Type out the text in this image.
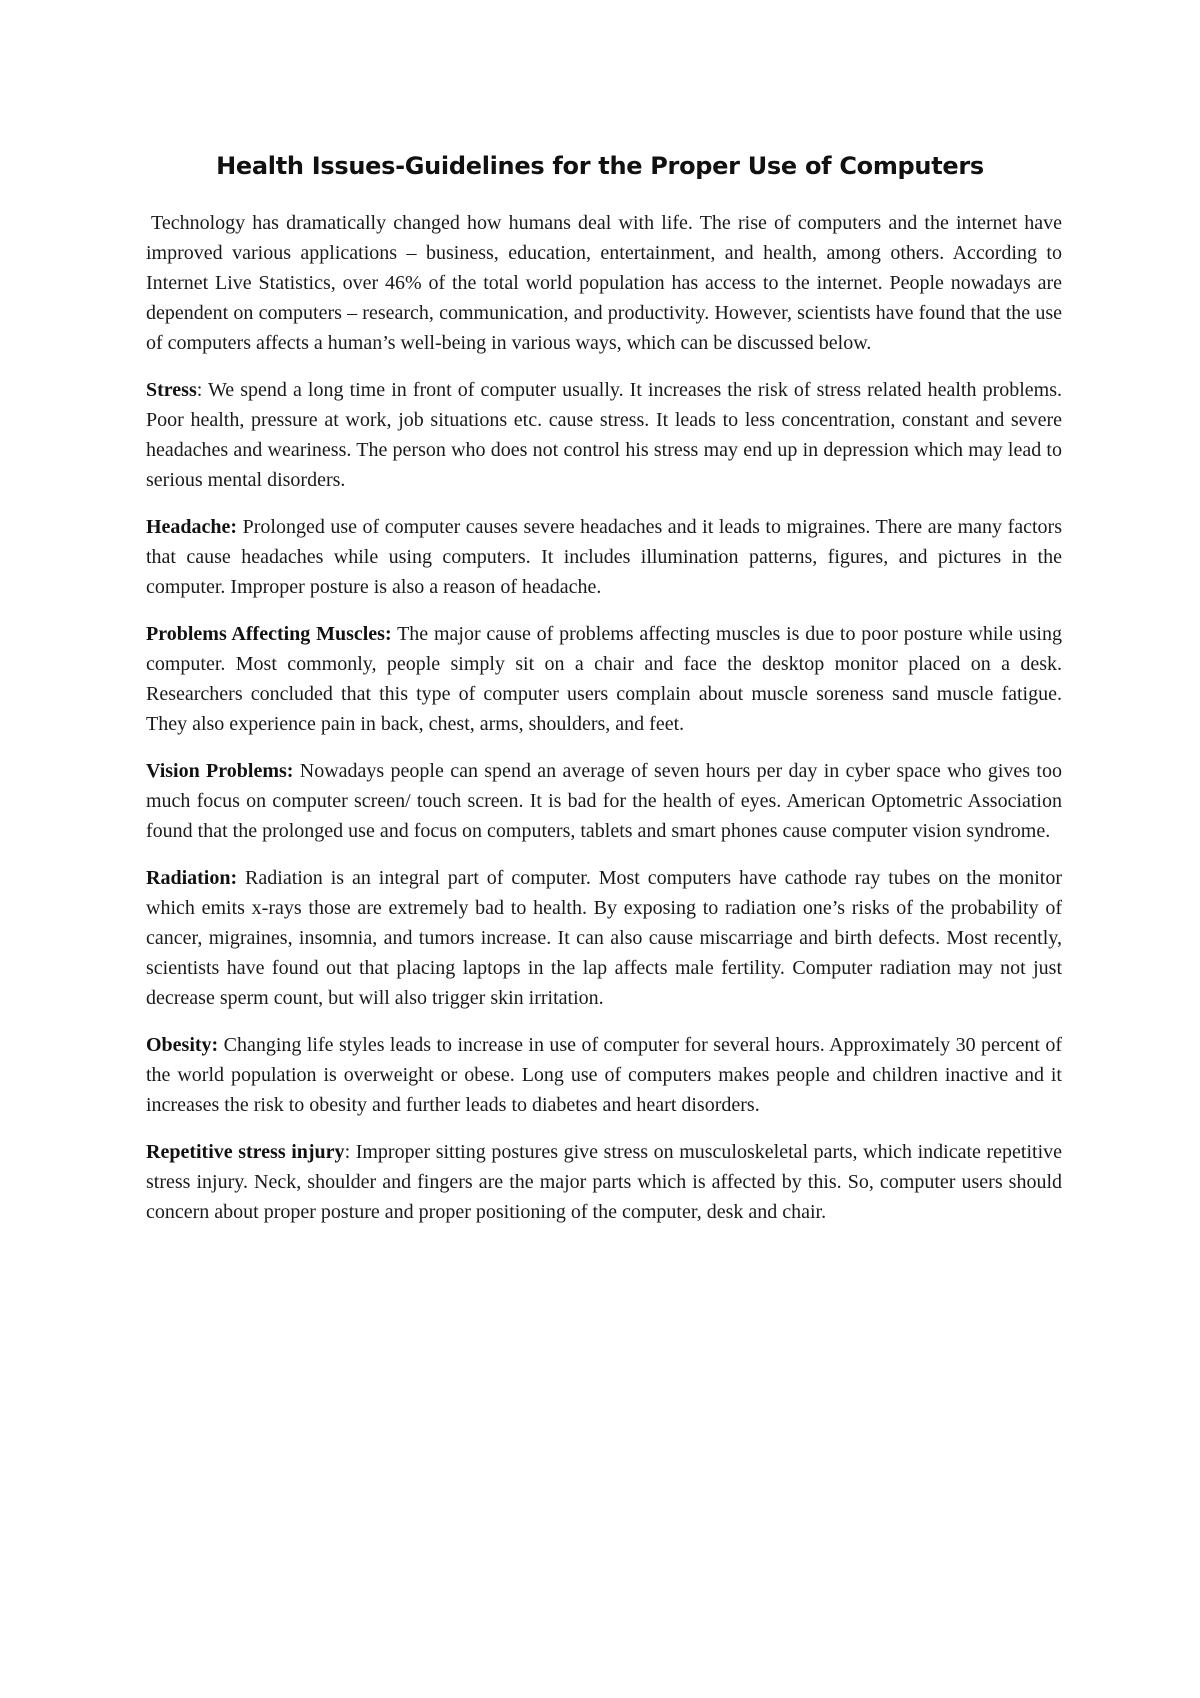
Health Issues-Guidelines for the Proper Use of Computers

Technology has dramatically changed how humans deal with life. The rise of computers and the internet have improved various applications – business, education, entertainment, and health, among others. According to Internet Live Statistics, over 46% of the total world population has access to the internet. People nowadays are dependent on computers – research, communication, and productivity. However, scientists have found that the use of computers affects a human’s well-being in various ways, which can be discussed below.

Stress: We spend a long time in front of computer usually. It increases the risk of stress related health problems. Poor health, pressure at work, job situations etc. cause stress. It leads to less concentration, constant and severe headaches and weariness. The person who does not control his stress may end up in depression which may lead to serious mental disorders.

Headache: Prolonged use of computer causes severe headaches and it leads to migraines. There are many factors that cause headaches while using computers. It includes illumination patterns, figures, and pictures in the computer. Improper posture is also a reason of headache.

Problems Affecting Muscles: The major cause of problems affecting muscles is due to poor posture while using computer. Most commonly, people simply sit on a chair and face the desktop monitor placed on a desk. Researchers concluded that this type of computer users complain about muscle soreness sand muscle fatigue. They also experience pain in back, chest, arms, shoulders, and feet.

Vision Problems: Nowadays people can spend an average of seven hours per day in cyber space who gives too much focus on computer screen/ touch screen. It is bad for the health of eyes. American Optometric Association found that the prolonged use and focus on computers, tablets and smart phones cause computer vision syndrome.

Radiation: Radiation is an integral part of computer. Most computers have cathode ray tubes on the monitor which emits x-rays those are extremely bad to health. By exposing to radiation one’s risks of the probability of cancer, migraines, insomnia, and tumors increase. It can also cause miscarriage and birth defects. Most recently, scientists have found out that placing laptops in the lap affects male fertility. Computer radiation may not just decrease sperm count, but will also trigger skin irritation.

Obesity: Changing life styles leads to increase in use of computer for several hours. Approximately 30 percent of the world population is overweight or obese. Long use of computers makes people and children inactive and it increases the risk to obesity and further leads to diabetes and heart disorders.

Repetitive stress injury: Improper sitting postures give stress on musculoskeletal parts, which indicate repetitive stress injury. Neck, shoulder and fingers are the major parts which is affected by this. So, computer users should concern about proper posture and proper positioning of the computer, desk and chair.
